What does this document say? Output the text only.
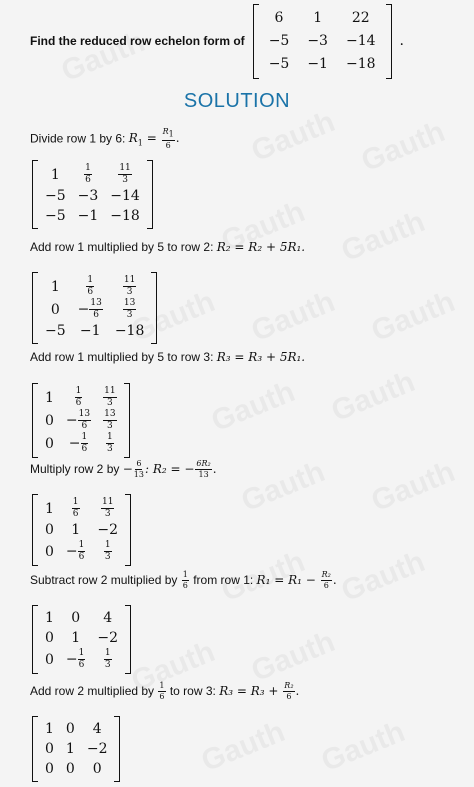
Find the reduced row echelon form of
6	1	22
−5	−3	−14
−5	−1	−18
.
SOLUTION
Divide row 1 by 6: $R_1 = \frac{R_1}{6}$ .
1	$\frac{1}{6}$	$\frac{11}{3}$

−5	−3	−14
−5	−1	−18
Add row 1 multiplied by 5 to row 2: R₂ = R₂ + 5R₁.
1	$\frac{1}{6}$	$\frac{11}{3}$

0	− $\frac{13}{6}$	$\frac{13}{3}$

−5	−1	−18
Add row 1 multiplied by 5 to row 3: R₃ = R₃ + 5R₁.
1	$\frac{1}{6}$	$\frac{11}{3}$

0	− $\frac{13}{6}$	$\frac{13}{3}$

0	− $\frac{1}{6}$	$\frac{1}{3}$
Multiply row 2 by − $\frac{6}{13}$ : R₂ = − $\frac{\text{6R₂}}{13}$ .
1	$\frac{1}{6}$	$\frac{11}{3}$

0	1	−2
0	− $\frac{1}{6}$	$\frac{1}{3}$
Subtract row 2 multiplied by $\frac{1}{6}$ from row 1: $R_1 = R_1 - \frac{\text{R₂}}{6}$ .
1	0	4
0	1	−2
0	− $\frac{1}{6}$	$\frac{1}{3}$
Add row 2 multiplied by $\frac{1}{6}$ to row 3: $R_3 = R_3 + \frac{\text{R₂}}{6}$ .
1	0	4
0	1	−2
0	0	0
